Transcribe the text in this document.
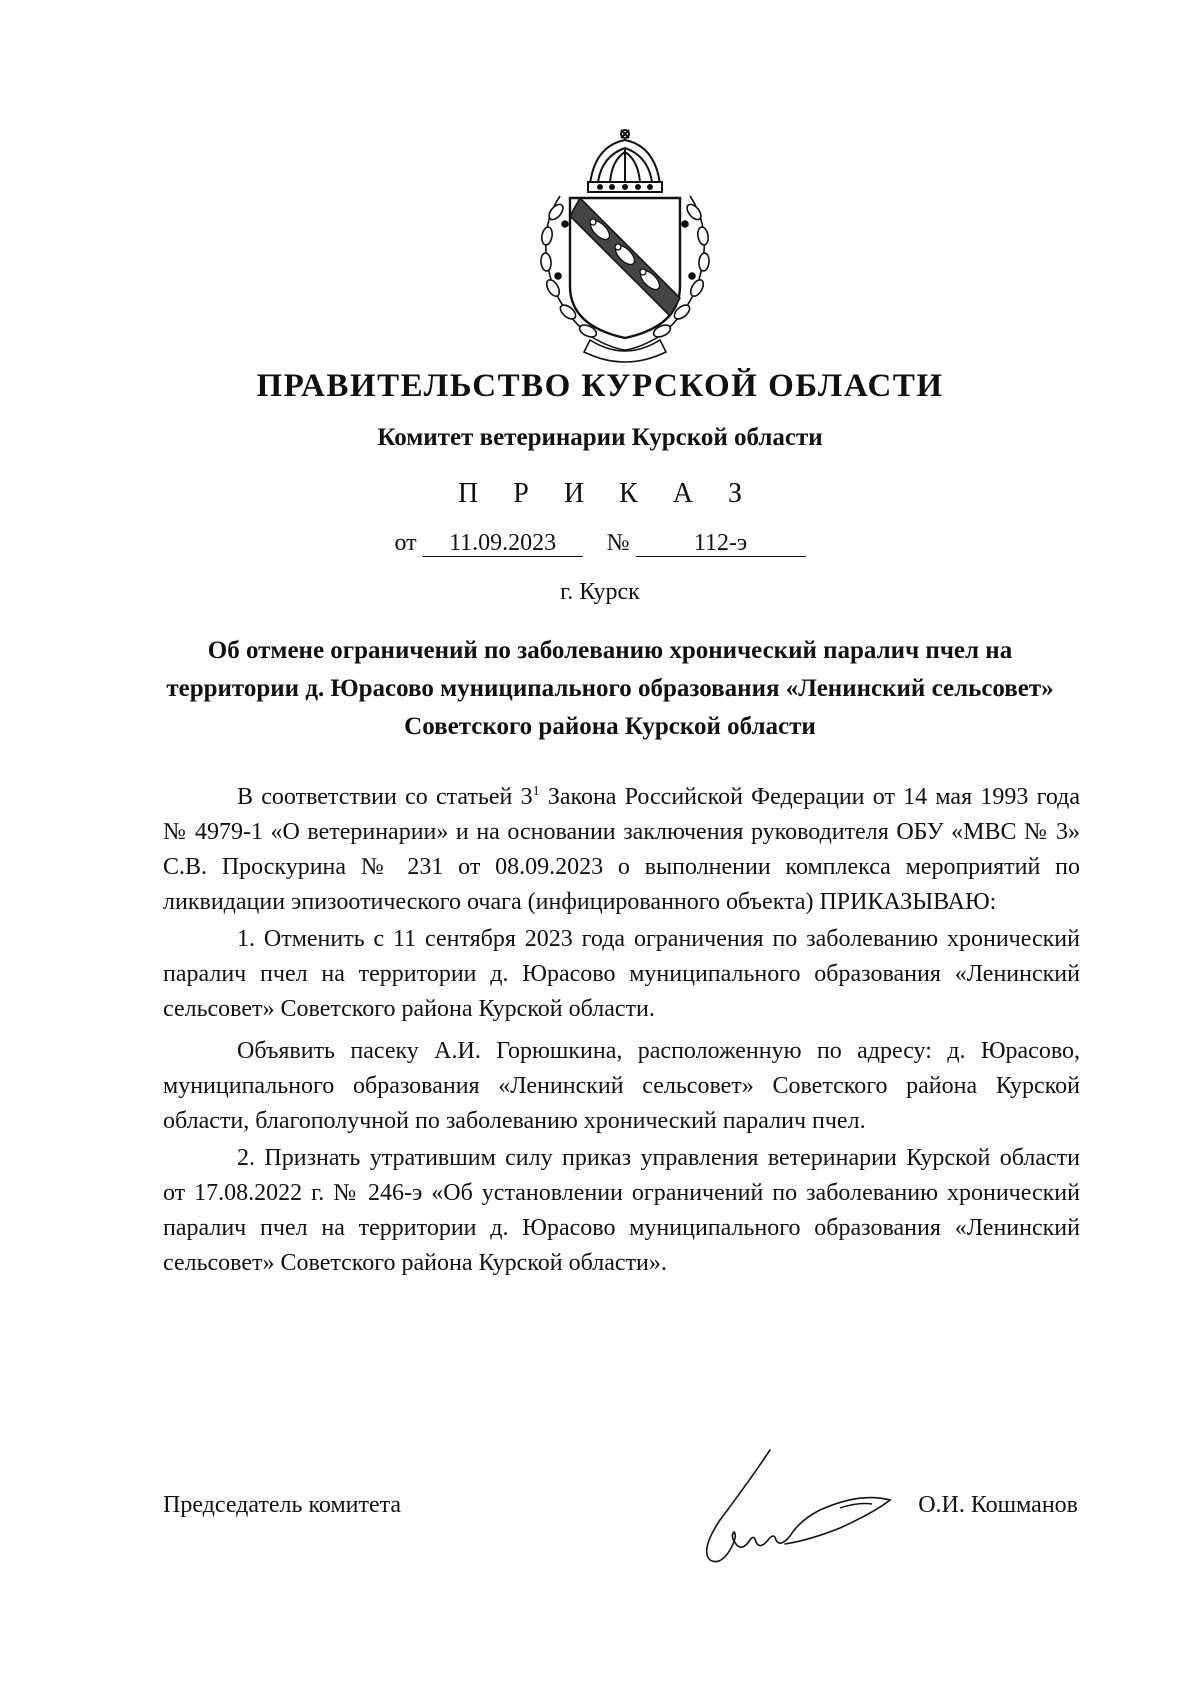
ПРАВИТЕЛЬСТВО КУРСКОЙ ОБЛАСТИ
Комитет ветеринарии Курской области
П Р И К А З
от 11.09.2023 №	112-э
г. Курск
Об отмене ограничений по заболеванию хронический паралич пчел на территории д. Юрасово муниципального образования «Ленинский сельсовет» Советского района Курской области

В соответствии со статьей $3^1$ Закона Российской Федерации от 14 мая 1993 года № 4979-1 «О ветеринарии» и на основании заключения руководителя ОБУ «МВС № 3» С.В. Проскурина № 231 от 08.09.2023 о выполнении комплекса мероприятий по ликвидации эпизоотического очага (инфицированного объекта) ПРИКАЗЫВАЮ:

1. Отменить с 11 сентября 2023 года ограничения по заболеванию хронический паралич пчел на территории д. Юрасово муниципального образования «Ленинский сельсовет» Советского района Курской области.

Объявить пасеку А.И. Горюшкина, расположенную по адресу: д. Юрасово, муниципального образования «Ленинский сельсовет» Советского района Курской области, благополучной по заболеванию хронический паралич пчел.

2. Признать утратившим силу приказ управления ветеринарии Курской области от 17.08.2022 г. № 246-э «Об установлении ограничений по заболеванию хронический паралич пчел на территории д. Юрасово муниципального образования «Ленинский сельсовет» Советского района Курской области».

Председатель комитета	О.И. Кошманов
